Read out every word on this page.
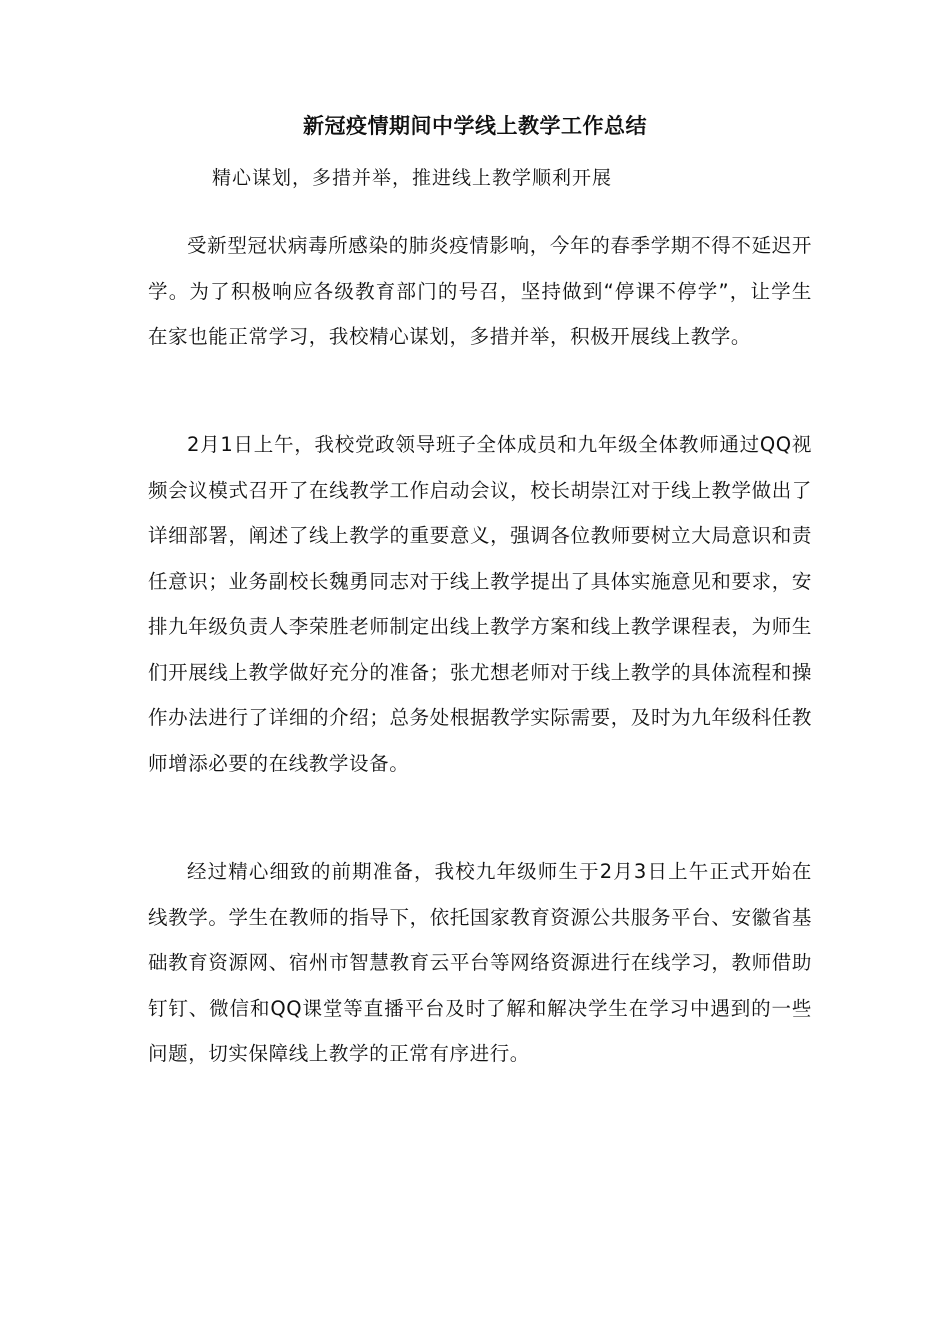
新冠疫情期间中学线上教学工作总结
精心谋划，多措并举，推进线上教学顺利开展

受新型冠状病毒所感染的肺炎疫情影响，今年的春季学期不得不延迟开学。为了积极响应各级教育部门的号召，坚持做到“停课不停学”，让学生在家也能正常学习，我校精心谋划，多措并举，积极开展线上教学。

2月1日上午，我校党政领导班子全体成员和九年级全体教师通过QQ视频会议模式召开了在线教学工作启动会议，校长胡崇江对于线上教学做出了详细部署，阐述了线上教学的重要意义，强调各位教师要树立大局意识和责任意识；业务副校长魏勇同志对于线上教学提出了具体实施意见和要求，安排九年级负责人李荣胜老师制定出线上教学方案和线上教学课程表，为师生们开展线上教学做好充分的准备；张尤想老师对于线上教学的具体流程和操作办法进行了详细的介绍；总务处根据教学实际需要，及时为九年级科任教师增添必要的在线教学设备。

经过精心细致的前期准备，我校九年级师生于2月3日上午正式开始在线教学。学生在教师的指导下，依托国家教育资源公共服务平台、安徽省基础教育资源网、宿州市智慧教育云平台等网络资源进行在线学习，教师借助钉钉、微信和QQ课堂等直播平台及时了解和解决学生在学习中遇到的一些问题，切实保障线上教学的正常有序进行。
